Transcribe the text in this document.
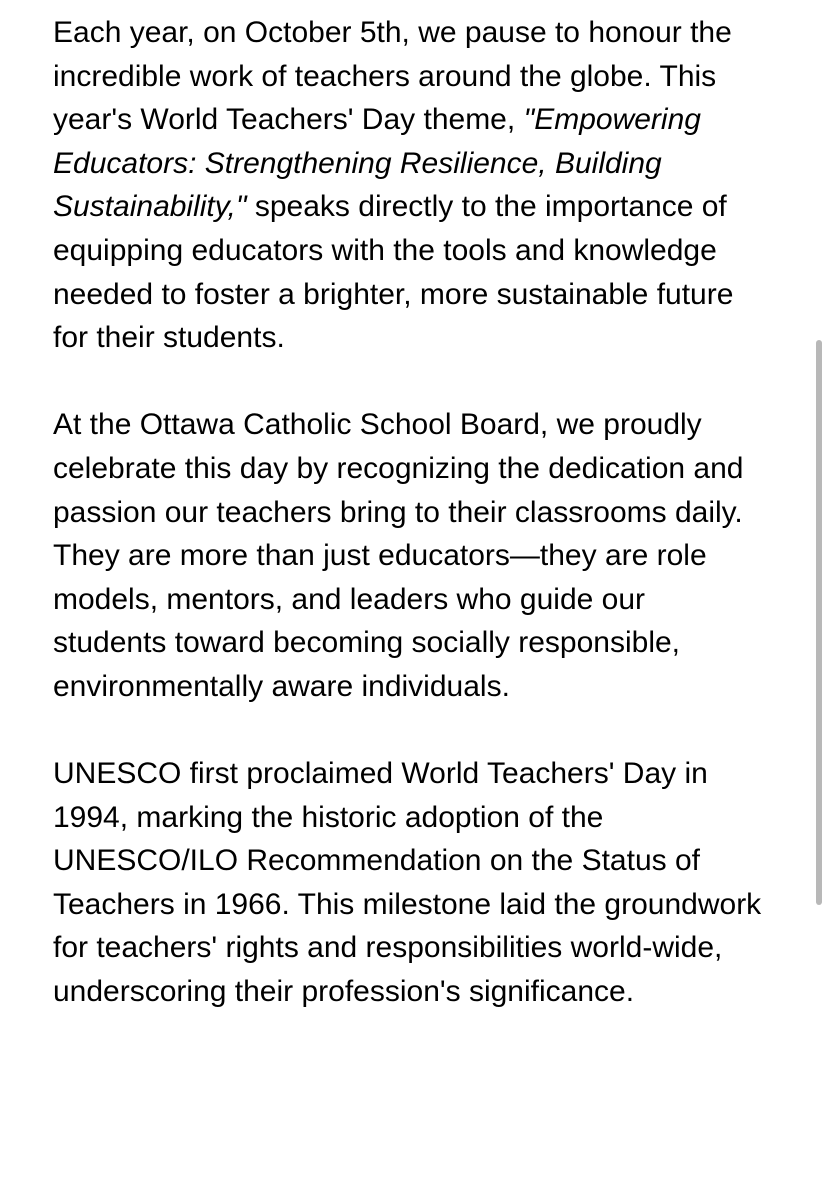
Each year, on October 5th, we pause to honour the incredible work of teachers around the globe. This year's World Teachers' Day theme, "Empowering Educators: Strengthening Resilience, Building Sustainability," speaks directly to the importance of equipping educators with the tools and knowledge needed to foster a brighter, more sustainable future for their students.

At the Ottawa Catholic School Board, we proudly celebrate this day by recognizing the dedication and passion our teachers bring to their classrooms daily. They are more than just educators—they are role models, mentors, and leaders who guide our students toward becoming socially responsible, environmentally aware individuals.

UNESCO first proclaimed World Teachers' Day in 1994, marking the historic adoption of the UNESCO/ILO Recommendation on the Status of Teachers in 1966. This milestone laid the groundwork for teachers' rights and responsibilities world-wide, underscoring their profession's significance.
